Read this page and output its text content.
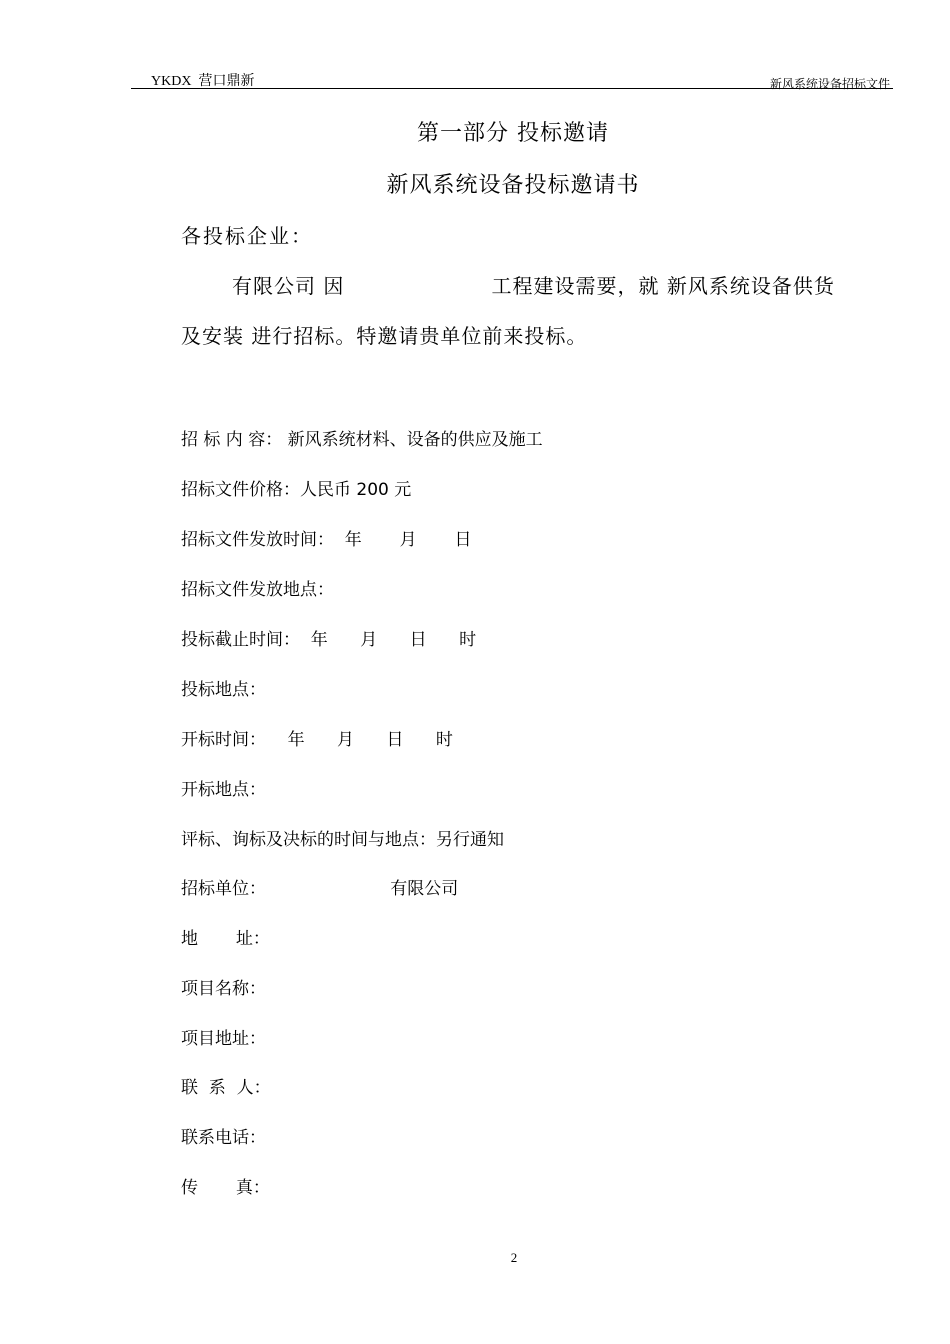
YKDX  营口鼎新	新风系统设备招标文件
第一部分 投标邀请
新风系统设备投标邀请书
各投标企业：
有限公司 因                    工程建设需要，就 新风系统设备供货
及安装 进行招标。特邀请贵单位前来投标。
招 标 内 容： 新风系统材料、设备的供应及施工
招标文件价格：人民币 200 元
招标文件发放时间：  年       月       日
招标文件发放地点：
投标截止时间：  年      月      日      时
投标地点：
开标时间：    年      月      日      时
开标地点：
评标、询标及决标的时间与地点：另行通知
招标单位：                       有限公司
地       址：
项目名称：
项目地址：
联  系  人：
联系电话：
传       真：
2
